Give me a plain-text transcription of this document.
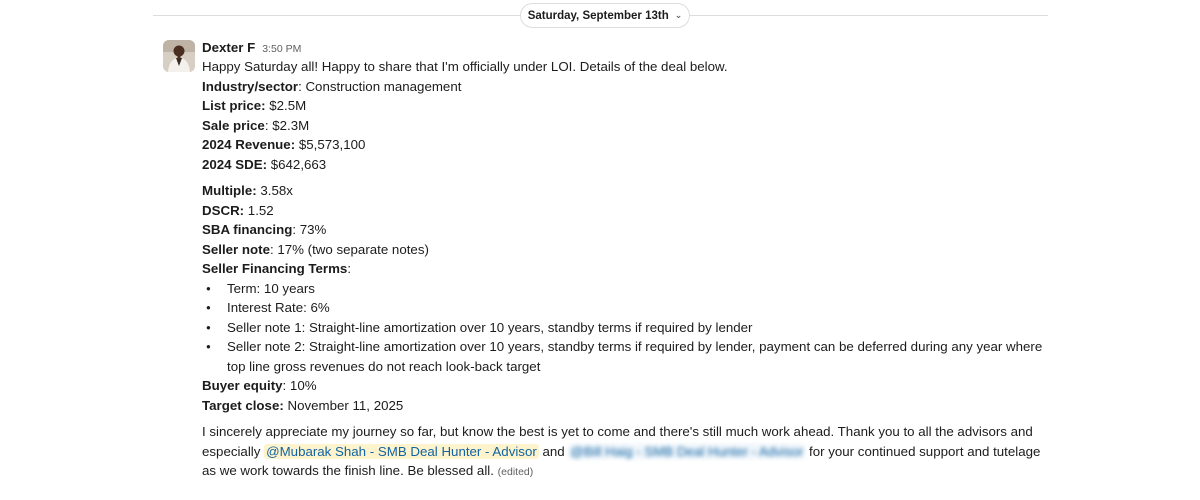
Saturday, September 13th ⌄
Dexter F 3:50 PM
Happy Saturday all! Happy to share that I'm officially under LOI. Details of the deal below.
Industry/sector: Construction management
List price: $2.5M
Sale price: $2.3M
2024 Revenue: $5,573,100
2024 SDE: $642,663
Multiple: 3.58x
DSCR: 1.52
SBA financing: 73%
Seller note: 17% (two separate notes)
Seller Financing Terms:
● Term: 10 years
● Interest Rate: 6%
● Seller note 1: Straight-line amortization over 10 years, standby terms if required by lender
● Seller note 2: Straight-line amortization over 10 years, standby terms if required by lender, payment can be deferred during any year where top line gross revenues do not reach look-back target
Buyer equity: 10%
Target close: November 11, 2025
I sincerely appreciate my journey so far, but know the best is yet to come and there's still much work ahead. Thank you to all the advisors and especially @Mubarak Shah - SMB Deal Hunter - Advisor and @Bill Haig - SMB Deal Hunter - Advisor for your continued support and tutelage as we work towards the finish line. Be blessed all. (edited)
